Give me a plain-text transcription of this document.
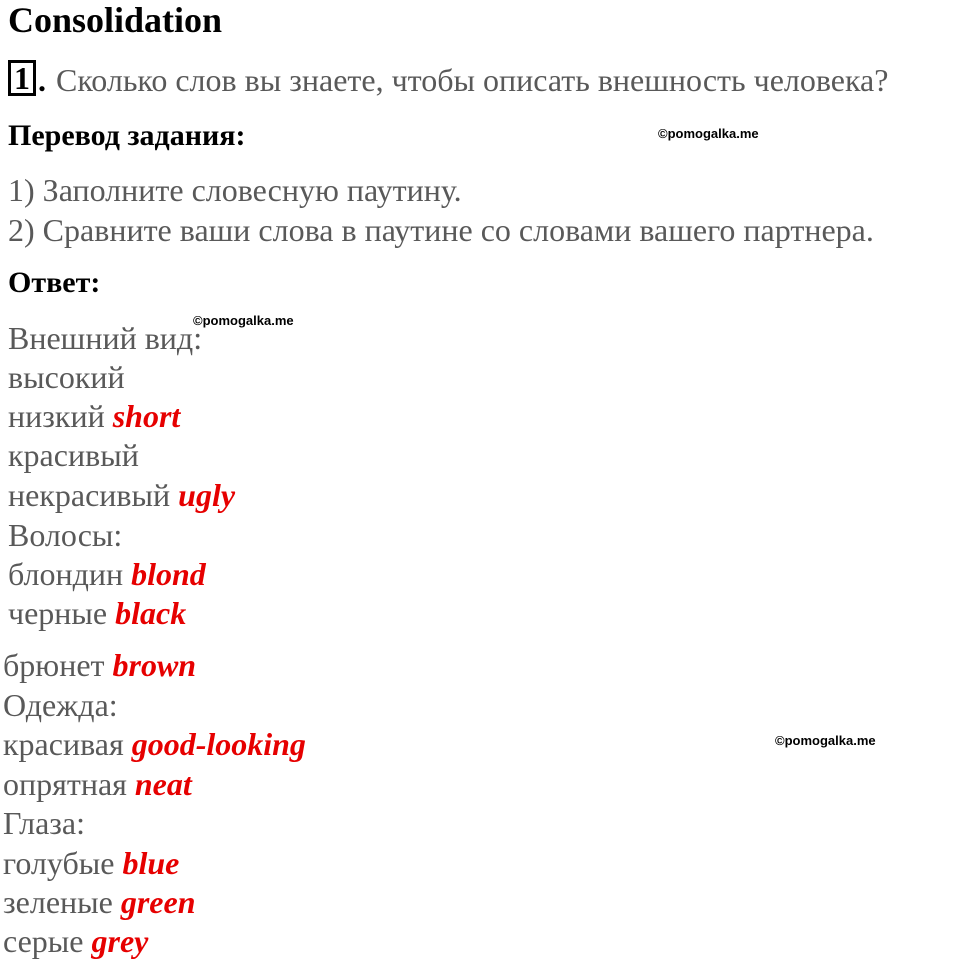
Consolidation
1 . Сколько слов вы знаете, чтобы описать внешность человека?
Перевод задания:	©pomogalka.me
1) Заполните словесную паутину.
2) Сравните ваши слова в паутине со словами вашего партнера.
Ответ:
©pomogalka.me
Внешний вид:
высокий
низкий short
красивый
некрасивый ugly
Волосы:
блондин blond
черные black
брюнет brown
Одежда:
красивая good-looking	©pomogalka.me
опрятная neat
Глаза:
голубые blue
зеленые green
серые grey
